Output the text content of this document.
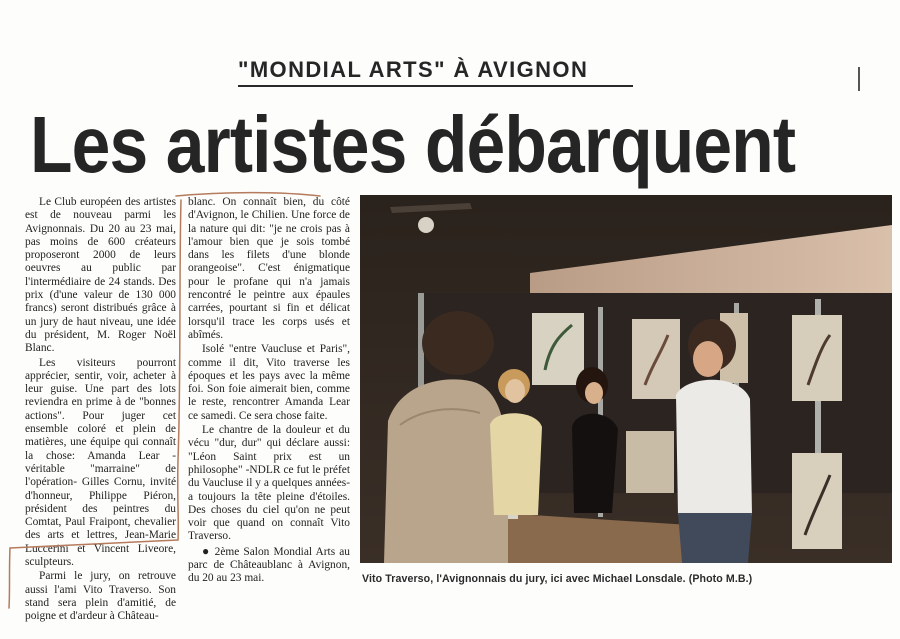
"MONDIAL ARTS" À AVIGNON
Les artistes débarquent

Le Club européen des artistes est de nouveau parmi les Avignonnais. Du 20 au 23 mai, pas moins de 600 créateurs proposeront 2000 de leurs oeuvres au public par l'intermédiaire de 24 stands. Des prix (d'une valeur de 130 000 francs) seront distribués grâce à un jury de haut niveau, une idée du président, M. Roger Noël Blanc.

Les visiteurs pourront apprécier, sentir, voir, acheter à leur guise. Une part des lots reviendra en prime à de "bonnes actions". Pour juger cet ensemble coloré et plein de matières, une équipe qui connaît la chose: Amanda Lear -véritable "marraine" de l'opération- Gilles Cornu, invité d'honneur, Philippe Piéron, président des peintres du Comtat, Paul Fraipont, chevalier des arts et lettres, Jean-Marie Luccerini et Vincent Liveore, sculpteurs.

Parmi le jury, on retrouve aussi l'ami Vito Traverso. Son stand sera plein d'amitié, de poigne et d'ardeur à Château-

blanc. On connaît bien, du côté d'Avignon, le Chilien. Une force de la nature qui dit: "je ne crois pas à l'amour bien que je sois tombé dans les filets d'une blonde orangeoise". C'est énigmatique pour le profane qui n'a jamais rencontré le peintre aux épaules carrées, pourtant si fin et délicat lorsqu'il trace les corps usés et abîmés.

Isolé "entre Vaucluse et Paris", comme il dit, Vito traverse les époques et les pays avec la même foi. Son foie aimerait bien, comme le reste, rencontrer Amanda Lear ce samedi. Ce sera chose faite.

Le chantre de la douleur et du vécu "dur, dur" qui déclare aussi: "Léon Saint prix est un philosophe" -NDLR ce fut le préfet du Vaucluse il y a quelques années- a toujours la tête pleine d'étoiles. Des choses du ciel qu'on ne peut voir que quand on connaît Vito Traverso.

● 2ème Salon Mondial Arts au parc de Châteaublanc à Avignon, du 20 au 23 mai.	Vito Traverso, l'Avignonnais du jury, ici avec Michael Lonsdale. (Photo M.B.)
